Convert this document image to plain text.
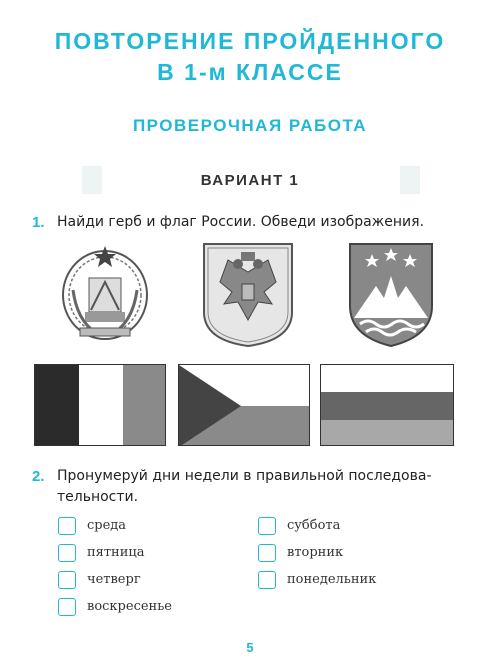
ПОВТОРЕНИЕ ПРОЙДЕННОГО
В 1-м КЛАССЕ
ПРОВЕРОЧНАЯ РАБОТА
ВАРИАНТ 1
1. Найди герб и флаг России. Обведи изображения.
2. Пронумеруй дни недели в правильной последова-
тельности.
среда
пятница
четверг
воскресенье
суббота
вторник
понедельник
5
